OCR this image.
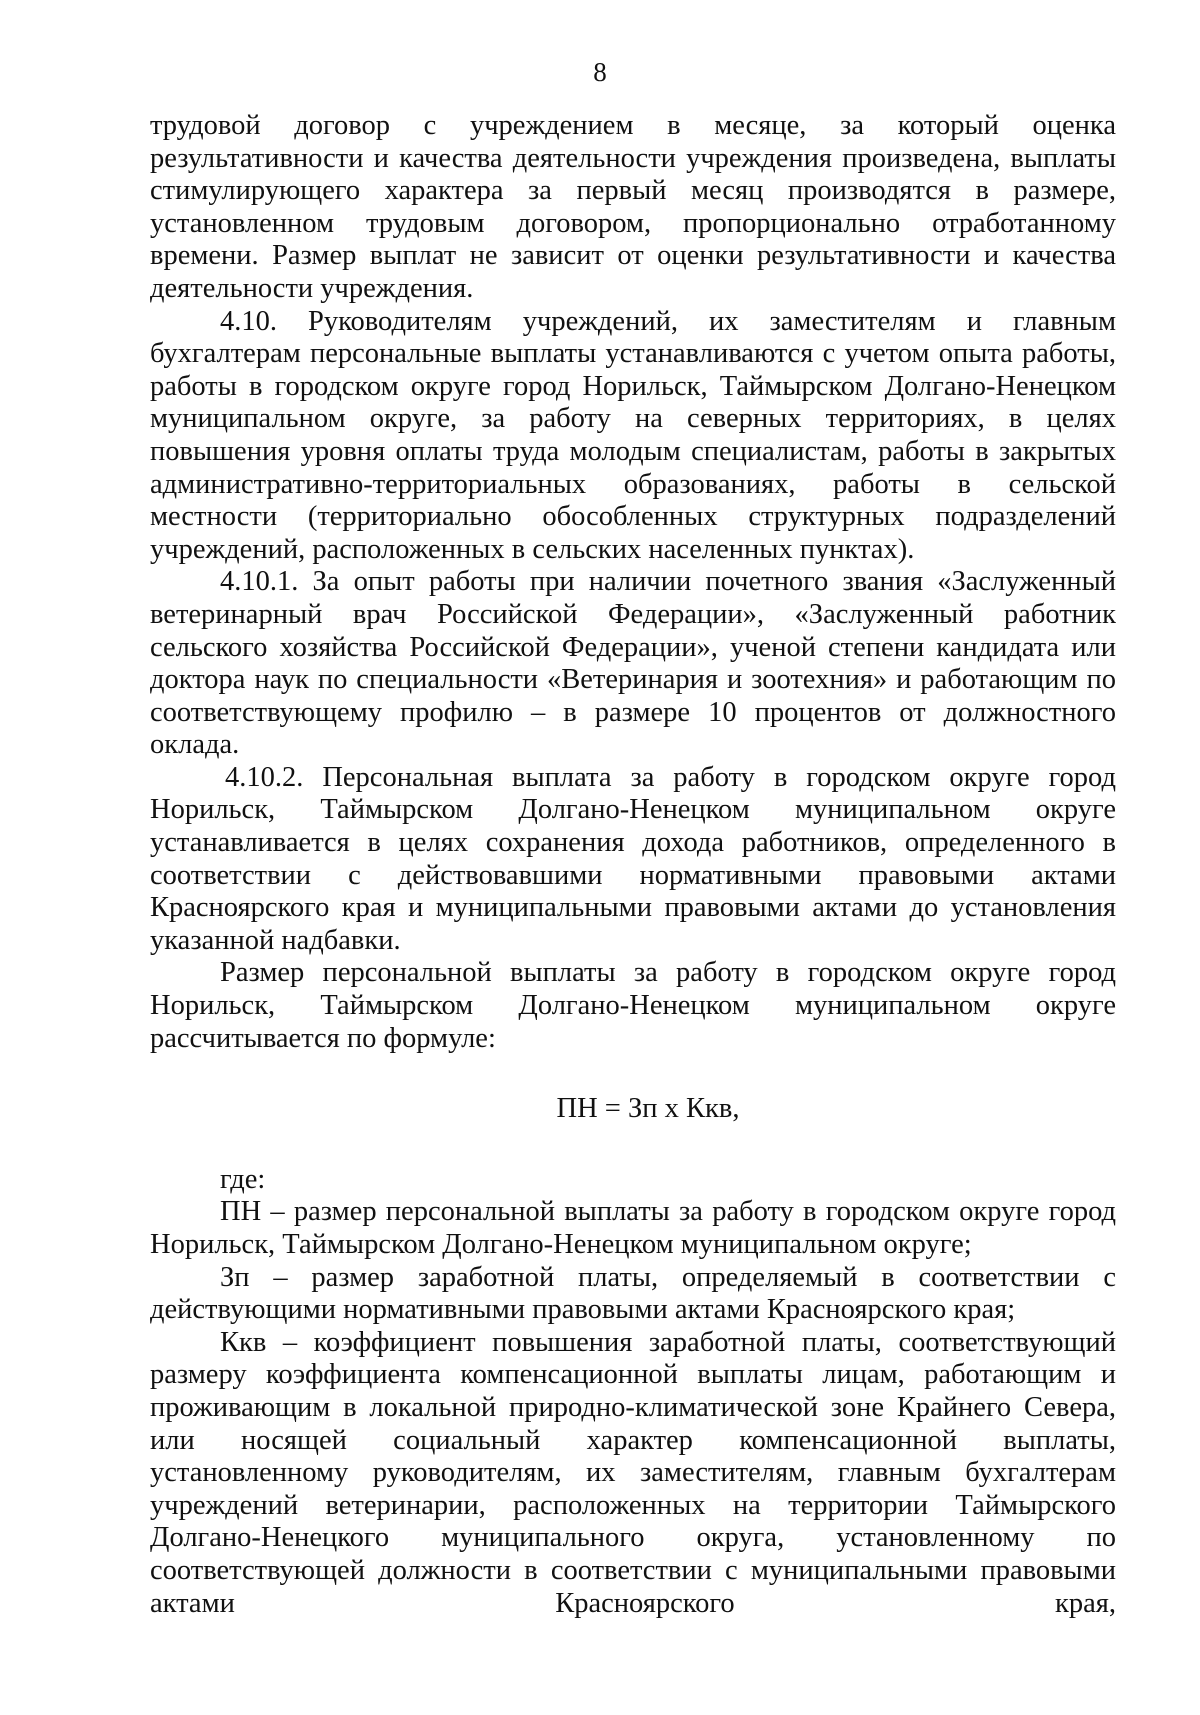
8

трудовой договор с учреждением в месяце, за который оценка результативности и качества деятельности учреждения произведена, выплаты стимулирующего характера за первый месяц производятся в размере, установленном трудовым договором, пропорционально отработанному времени. Размер выплат не зависит от оценки результативности и качества деятельности учреждения.

4.10. Руководителям учреждений, их заместителям и главным бухгалтерам персональные выплаты устанавливаются с учетом опыта работы, работы в городском округе город Норильск, Таймырском Долгано-Ненецком муниципальном округе, за работу на северных территориях, в целях повышения уровня оплаты труда молодым специалистам, работы в закрытых административно-территориальных образованиях, работы в сельской местности (территориально обособленных структурных подразделений учреждений, расположенных в сельских населенных пунктах).

4.10.1. За опыт работы при наличии почетного звания «Заслуженный ветеринарный врач Российской Федерации», «Заслуженный работник сельского хозяйства Российской Федерации», ученой степени кандидата или доктора наук по специальности «Ветеринария и зоотехния» и работающим по соответствующему профилю – в размере 10 процентов от должностного оклада.

4.10.2. Персональная выплата за работу в городском округе город Норильск, Таймырском Долгано-Ненецком муниципальном округе устанавливается в целях сохранения дохода работников, определенного в соответствии с действовавшими нормативными правовыми актами Красноярского края и муниципальными правовыми актами до установления указанной надбавки.

Размер персональной выплаты за работу в городском округе город Норильск, Таймырском Долгано-Ненецком муниципальном округе рассчитывается по формуле:

ПН = Зп х Ккв,

где:

ПН – размер персональной выплаты за работу в городском округе город Норильск, Таймырском Долгано-Ненецком муниципальном округе;

Зп – размер заработной платы, определяемый в соответствии с действующими нормативными правовыми актами Красноярского края;

Ккв – коэффициент повышения заработной платы, соответствующий размеру коэффициента компенсационной выплаты лицам, работающим и проживающим в локальной природно-климатической зоне Крайнего Севера, или носящей социальный характер компенсационной выплаты, установленному руководителям, их заместителям, главным бухгалтерам учреждений ветеринарии, расположенных на территории Таймырского Долгано-Ненецкого муниципального округа, установленному по соответствующей должности в соответствии с муниципальными правовыми актами Красноярского края,
